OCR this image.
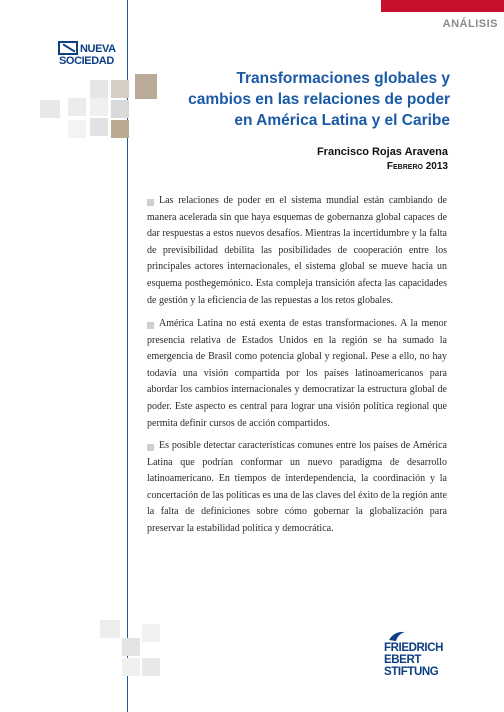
ANÁLISIS
NUEVA
SOCIEDAD
Transformaciones globales y
cambios en las relaciones de poder
en América Latina y el Caribe
Francisco Rojas Aravena
Febrero 2013

Las relaciones de poder en el sistema mundial están cambiando de manera acelerada sin que haya esquemas de gobernanza global capaces de dar respuestas a estos nuevos desafíos. Mientras la incertidumbre y la falta de previsibilidad debilita las posibilidades de cooperación entre los principales actores internacionales, el sistema global se mueve hacia un esquema posthegemónico. Esta compleja transición afecta las capacidades de gestión y la eficiencia de las repuestas a los retos globales.

América Latina no está exenta de estas transformaciones. A la menor presencia relativa de Estados Unidos en la región se ha sumado la emergencia de Brasil como potencia global y regional. Pese a ello, no hay todavía una visión compartida por los países latinoamericanos para abordar los cambios internacionales y democratizar la estructura global de poder. Este aspecto es central para lograr una visión política regional que permita definir cursos de acción compartidos.

Es posible detectar características comunes entre los países de América Latina que podrían conformar un nuevo paradigma de desarrollo latinoamericano. En tiempos de interdependencia, la coordinación y la concertación de las políticas es una de las claves del éxito de la región ante la falta de definiciones sobre cómo gobernar la globalización para preservar la estabilidad política y democrática.

FRIEDRICH
EBERT
STIFTUNG
